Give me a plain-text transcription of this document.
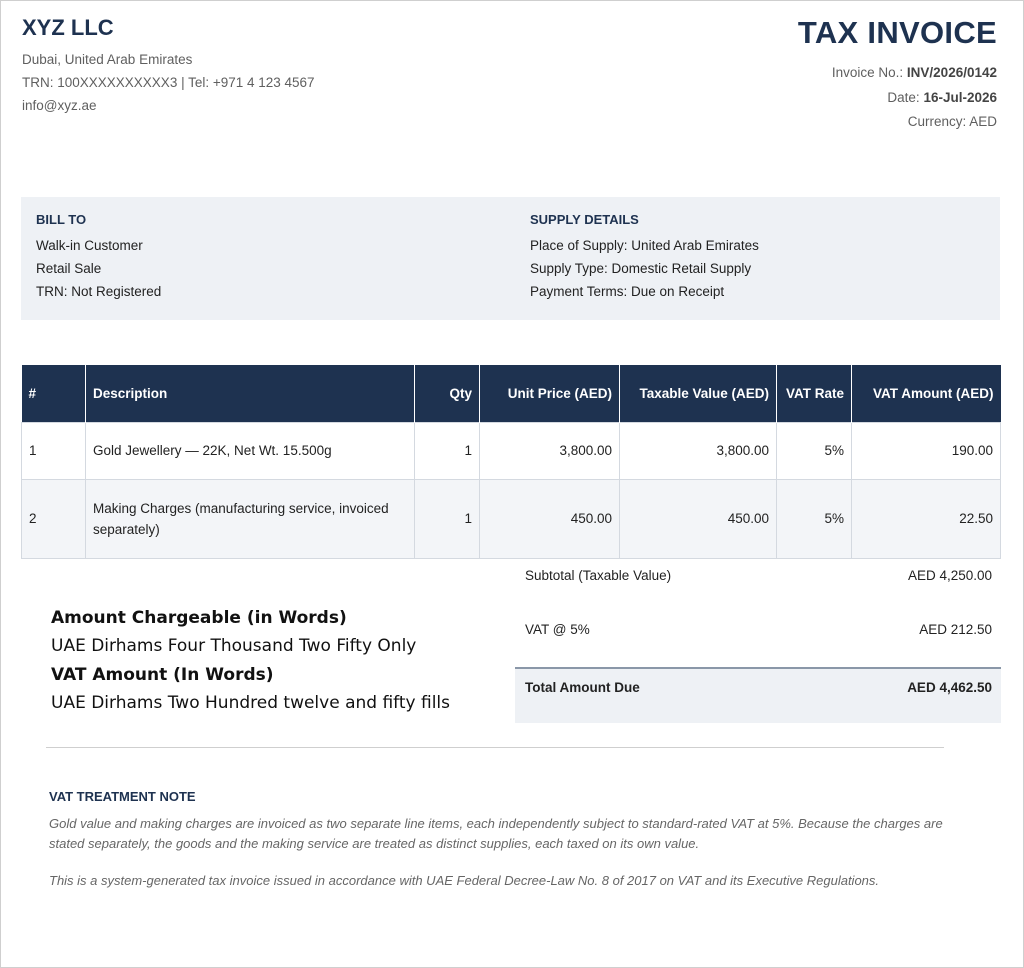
XYZ LLC
Dubai, United Arab Emirates
TRN: 100XXXXXXXXXX3 | Tel: +971 4 123 4567
info@xyz.ae
TAX INVOICE
Invoice No.: INV/2026/0142
Date: 16-Jul-2026
Currency: AED
BILL TO
Walk-in Customer
Retail Sale
TRN: Not Registered
SUPPLY DETAILS
Place of Supply: United Arab Emirates
Supply Type: Domestic Retail Supply
Payment Terms: Due on Receipt
#	Description	Qty	Unit Price (AED)	Taxable Value (AED)	VAT Rate	VAT Amount (AED)
1	Gold Jewellery — 22K, Net Wt. 15.500g	1	3,800.00	3,800.00	5%	190.00
2	Making Charges (manufacturing service, invoiced separately)	1	450.00	450.00	5%	22.50
Subtotal (Taxable Value)	AED 4,250.00
VAT @ 5%	AED 212.50
Total Amount Due	AED 4,462.50
Amount Chargeable (in Words)
UAE Dirhams Four Thousand Two Fifty Only
VAT Amount (In Words)
UAE Dirhams Two Hundred twelve and fifty fills
VAT TREATMENT NOTE
Gold value and making charges are invoiced as two separate line items, each independently subject to standard-rated VAT at 5%. Because the charges are stated separately, the goods and the making service are treated as distinct supplies, each taxed on its own value.
This is a system-generated tax invoice issued in accordance with UAE Federal Decree-Law No. 8 of 2017 on VAT and its Executive Regulations.
